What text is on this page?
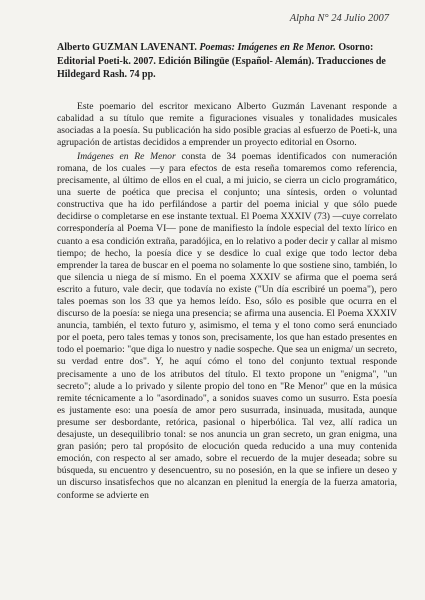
Alpha N° 24 Julio 2007
Alberto GUZMAN LAVENANT. Poemas: Imágenes en Re Menor. Osorno: Editorial Poeti-k. 2007. Edición Bilingüe (Español- Alemán). Traducciones de Hildegard Rash. 74 pp.

Este poemario del escritor mexicano Alberto Guzmán Lavenant responde a cabalidad a su título que remite a figuraciones visuales y tonalidades musicales asociadas a la poesía. Su publicación ha sido posible gracias al esfuerzo de Poeti-k, una agrupación de artistas decididos a emprender un proyecto editorial en Osorno.

Imágenes en Re Menor consta de 34 poemas identificados con numeración romana, de los cuales —y para efectos de esta reseña tomaremos como referencia, precisamente, al último de ellos en el cual, a mi juicio, se cierra un ciclo programático, una suerte de poética que precisa el conjunto; una síntesis, orden o voluntad constructiva que ha ido perfilándose a partir del poema inicial y que sólo puede decidirse o completarse en ese instante textual. El Poema XXXIV (73) —cuye correlato correspondería al Poema VI— pone de manifiesto la índole especial del texto lírico en cuanto a esa condición extraña, paradójica, en lo relativo a poder decir y callar al mismo tiempo; de hecho, la poesía dice y se desdice lo cual exige que todo lector deba emprender la tarea de buscar en el poema no solamente lo que sostiene sino, también, lo que silencia u niega de sí mismo. En el poema XXXIV se afirma que el poema será escrito a futuro, vale decir, que todavía no existe ("Un día escribiré un poema"), pero tales poemas son los 33 que ya hemos leído. Eso, sólo es posible que ocurra en el discurso de la poesía: se niega una presencia; se afirma una ausencia. El Poema XXXIV anuncia, también, el texto futuro y, asimismo, el tema y el tono como será enunciado por el poeta, pero tales temas y tonos son, precisamente, los que han estado presentes en todo el poemario: "que diga lo nuestro y nadie sospeche. Que sea un enigma/ un secreto, su verdad entre dos". Y, he aquí cómo el tono del conjunto textual responde precisamente a uno de los atributos del título. El texto propone un "enigma", "un secreto"; alude a lo privado y silente propio del tono en "Re Menor" que en la música remite técnicamente a lo "asordinado", a sonidos suaves como un susurro. Esta poesía es justamente eso: una poesía de amor pero susurrada, insinuada, musitada, aunque presume ser desbordante, retórica, pasional o hiperbólica. Tal vez, allí radica un desajuste, un desequilibrio tonal: se nos anuncia un gran secreto, un gran enigma, una gran pasión; pero tal propósito de elocución queda reducido a una muy contenida emoción, con respecto al ser amado, sobre el recuerdo de la mujer deseada; sobre su búsqueda, su encuentro y desencuentro, su no posesión, en la que se infiere un deseo y un discurso insatisfechos que no alcanzan en plenitud la energía de la fuerza amatoria, conforme se advierte en
